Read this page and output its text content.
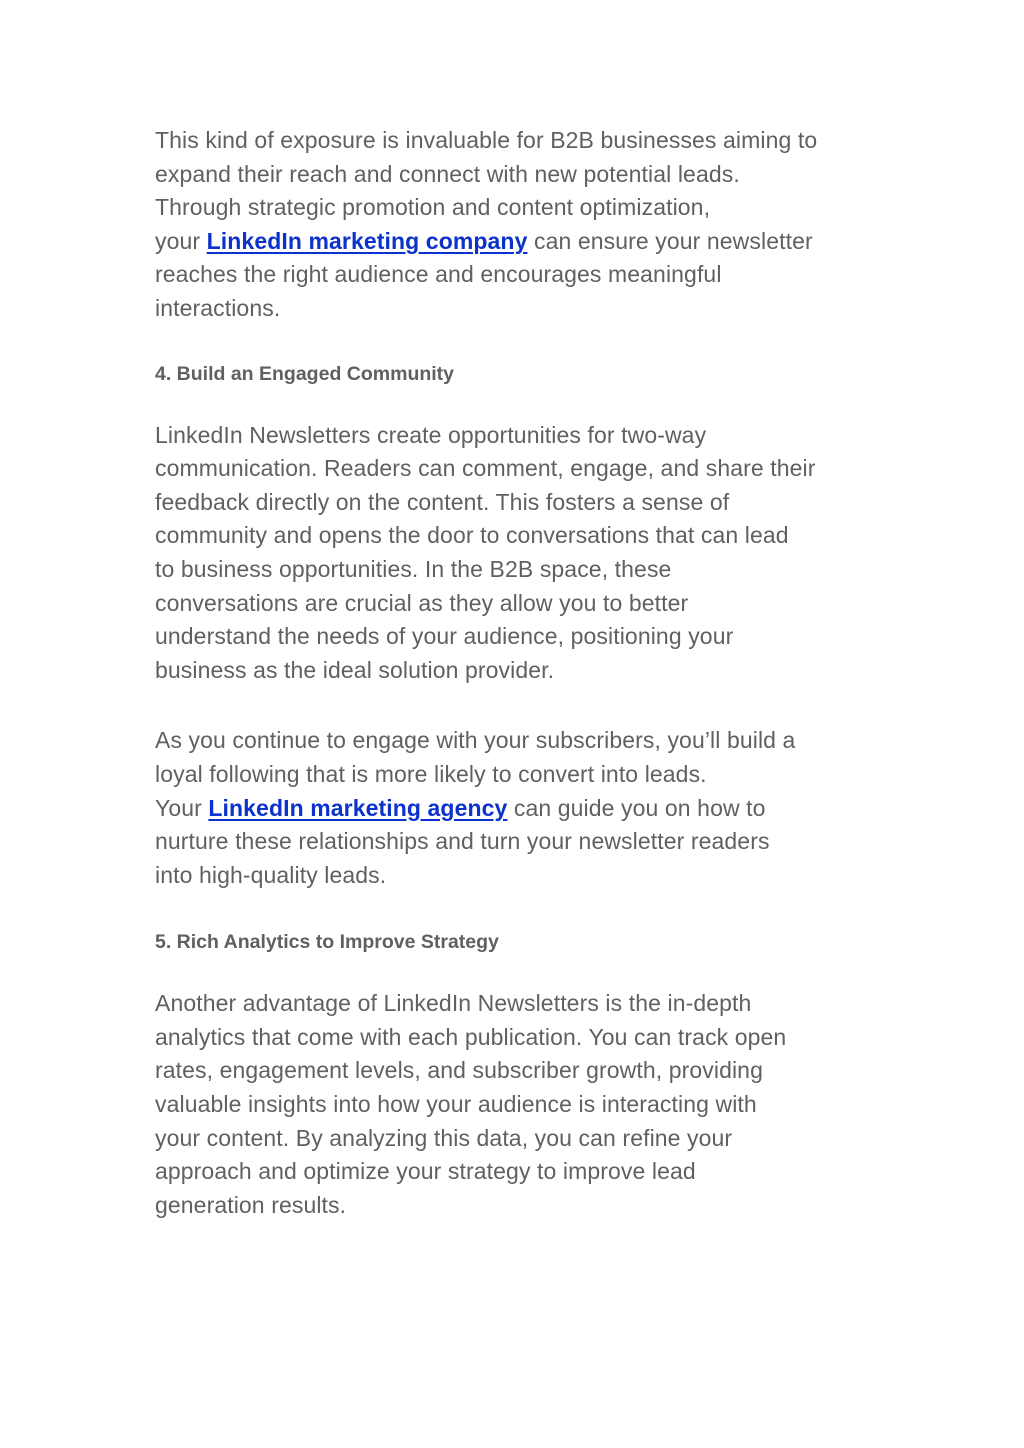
This kind of exposure is invaluable for B2B businesses aiming to
expand their reach and connect with new potential leads.
Through strategic promotion and content optimization,
your LinkedIn marketing company can ensure your newsletter
reaches the right audience and encourages meaningful
interactions.

4. Build an Engaged Community

LinkedIn Newsletters create opportunities for two-way
communication. Readers can comment, engage, and share their
feedback directly on the content. This fosters a sense of
community and opens the door to conversations that can lead
to business opportunities. In the B2B space, these
conversations are crucial as they allow you to better
understand the needs of your audience, positioning your
business as the ideal solution provider.

As you continue to engage with your subscribers, you’ll build a
loyal following that is more likely to convert into leads.
Your LinkedIn marketing agency can guide you on how to
nurture these relationships and turn your newsletter readers
into high-quality leads.

5. Rich Analytics to Improve Strategy

Another advantage of LinkedIn Newsletters is the in-depth
analytics that come with each publication. You can track open
rates, engagement levels, and subscriber growth, providing
valuable insights into how your audience is interacting with
your content. By analyzing this data, you can refine your
approach and optimize your strategy to improve lead
generation results.
